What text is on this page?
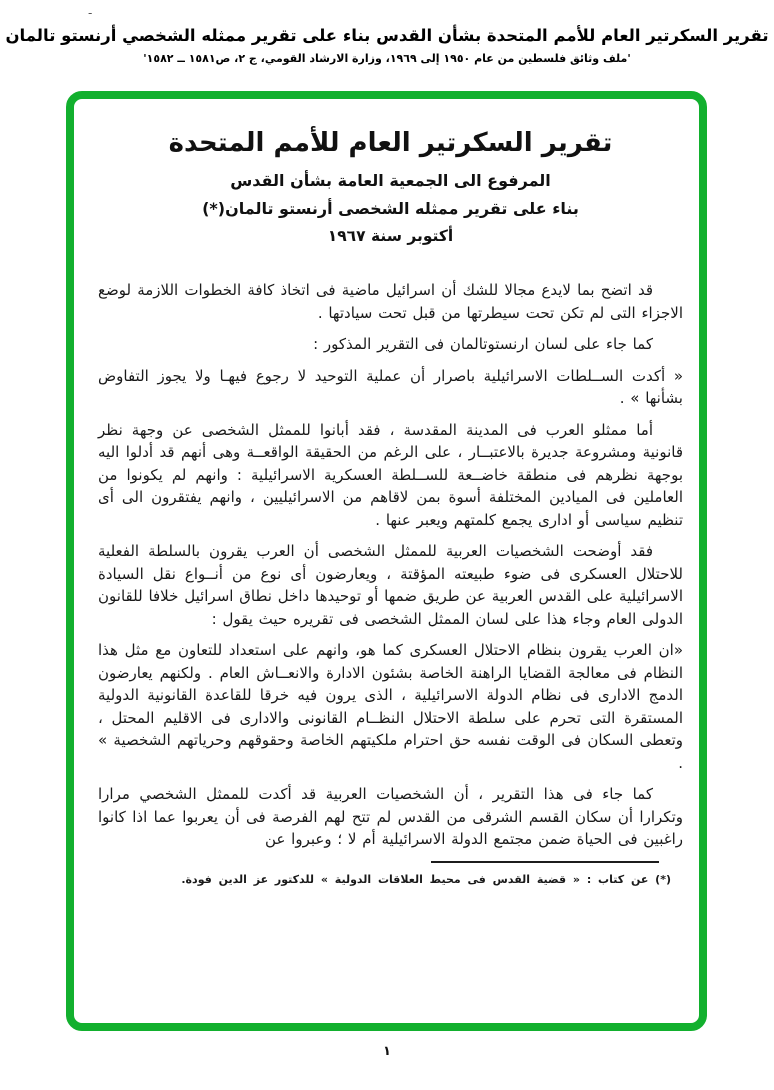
-
تقرير السكرتير العام للأمم المتحدة بشأن القدس بناء على تقرير ممثله الشخصي أرنستو تالمان
'ملف وثائق فلسطين من عام ١٩٥٠ إلى ١٩٦٩، وزارة الارشاد القومي، ج ٢، ص١٥٨١ ــ ١٥٨٢'
تقرير السكرتير العام للأمم المتحدة
المرفوع الى الجمعية العامة بشأن القدس
بناء على تقرير ممثله الشخصى أرنستو تالمان(*)
أكتوبر سنة ١٩٦٧

قد اتضح بما لايدع مجالا للشك أن اسرائيل ماضية فى اتخاذ كافة الخطوات اللازمة لوضع الاجزاء التى لم تكن تحت سيطرتها من قبل تحت سيادتها .

كما جاء على لسان ارنستوتالمان فى التقرير المذكور :

« أكدت الســلطات الاسرائيلية باصرار أن عملية التوحيد لا رجوع فيهـا ولا يجوز التفاوض بشأنها » .

أما ممثلو العرب فى المدينة المقدسة ، فقد أبانوا للممثل الشخصى عن وجهة نظر قانونية ومشروعة جديرة بالاعتبــار ، على الرغم من الحقيقة الواقعــة وهى أنهم قد أدلوا اليه بوجهة نظرهم فى منطقة خاضــعة للســلطة العسكرية الاسرائيلية : وانهم لم يكونوا من العاملين فى الميادين المختلفة أسوة بمن لاقاهم من الاسرائيليين ، وانهم يفتقرون الى أى تنظيم سياسى أو ادارى يجمع كلمتهم ويعبر عنها .

فقد أوضحت الشخصيات العربية للممثل الشخصى أن العرب يقرون بالسلطة الفعلية للاحتلال العسكرى فى ضوء طبيعته المؤقتة ، ويعارضون أى نوع من أنــواع نقل السيادة الاسرائيلية على القدس العربية عن طريق ضمها أو توحيدها داخل نطاق اسرائيل خلافا للقانون الدولى العام وجاء هذا على لسان الممثل الشخصى فى تقريره حيث يقول :

«ان العرب يقرون بنظام الاحتلال العسكرى كما هو، وانهم على استعداد للتعاون مع مثل هذا النظام فى معالجة القضايا الراهنة الخاصة بشئون الادارة والانعــاش العام . ولكنهم يعارضون الدمج الادارى فى نظام الدولة الاسرائيلية ، الذى يرون فيه خرقا للقاعدة القانونية الدولية المستقرة التى تحرم على سلطة الاحتلال النظــام القانونى والادارى فى الاقليم المحتل ، وتعطى السكان فى الوقت نفسه حق احترام ملكيتهم الخاصة وحقوقهم وحرياتهم الشخصية » .

كما جاء فى هذا التقرير ، أن الشخصيات العربية قد أكدت للممثل الشخصي مرارا وتكرارا أن سكان القسم الشرقى من القدس لم تتح لهم الفرصة فى أن يعربوا عما اذا كانوا راغبين فى الحياة ضمن مجتمع الدولة الاسرائيلية أم لا ؛ وعبروا عن

(*) عن كتاب : « قضية القدس فى محيط العلاقات الدولية » للدكتور عز الدين فودة.
١
